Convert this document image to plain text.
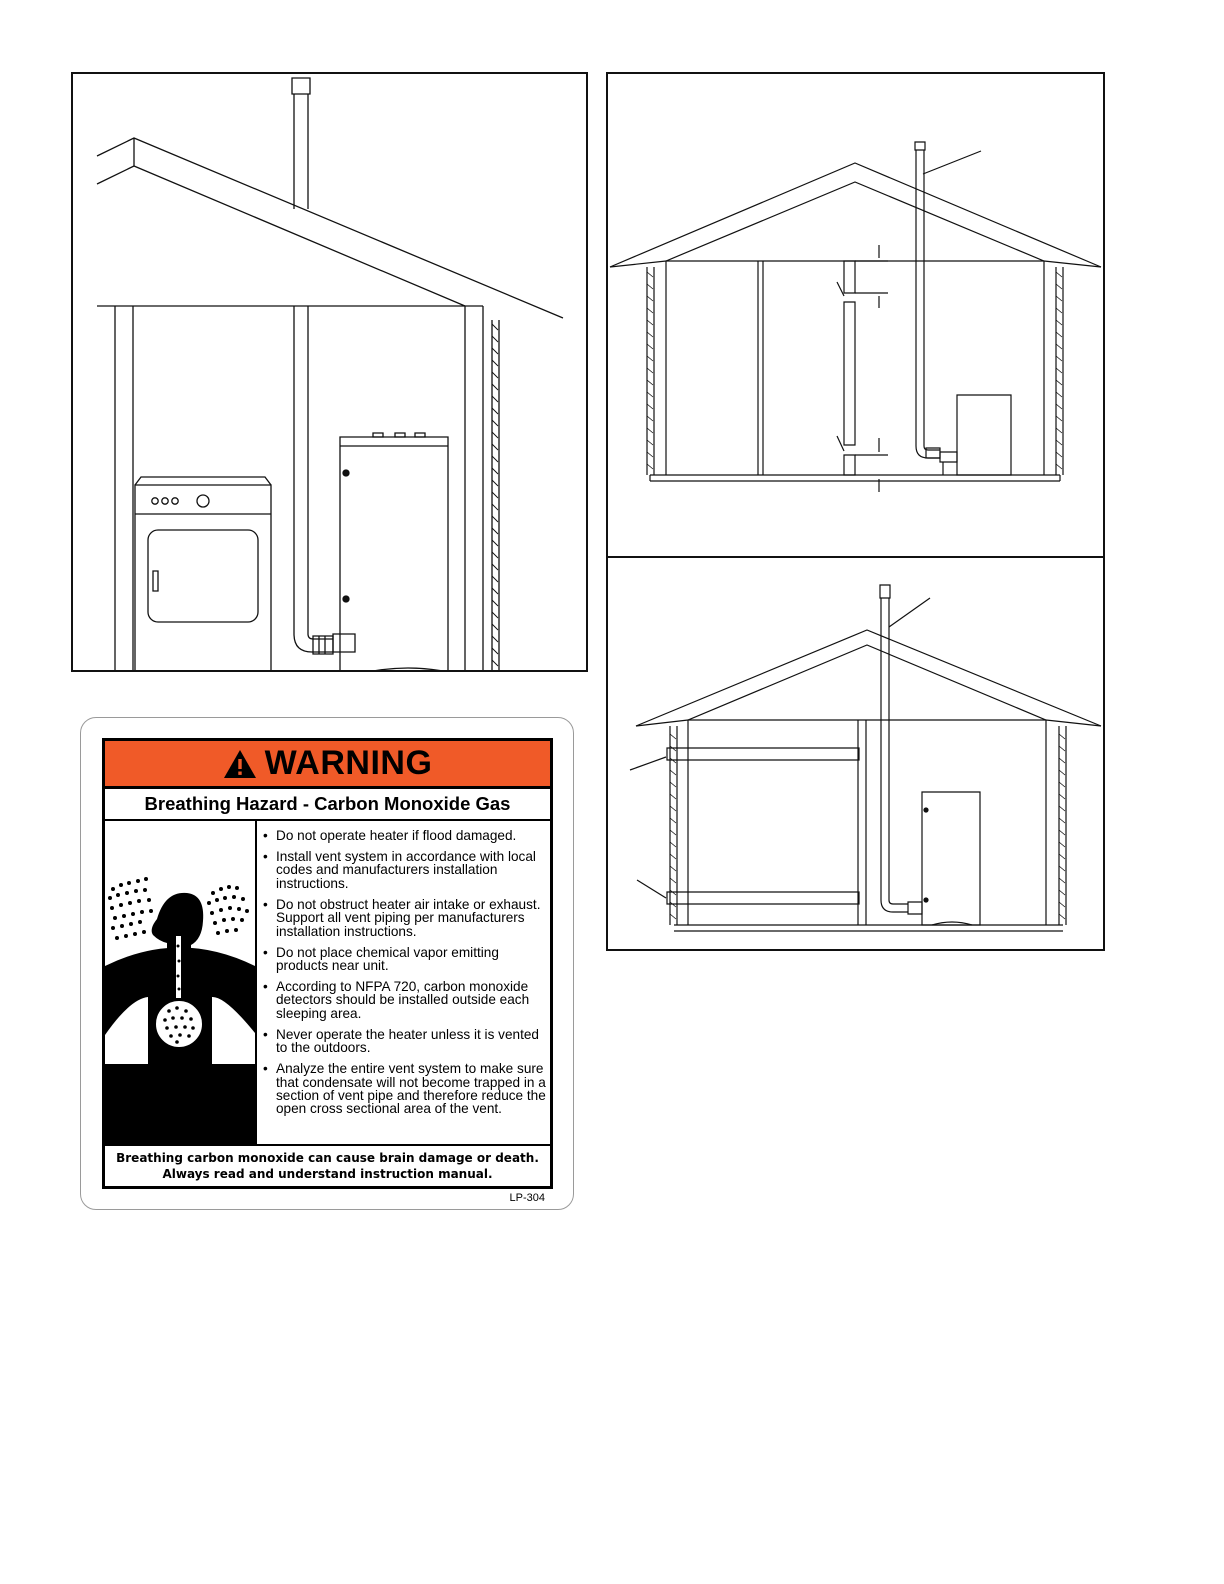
WARNING
Breathing Hazard - Carbon Monoxide Gas
• Do not operate heater if flood damaged.
• Install vent system in accordance with local codes and manufacturers installation instructions.
• Do not obstruct heater air intake or exhaust. Support all vent piping per manufacturers installation instructions.
• Do not place chemical vapor emitting products near unit.
• According to NFPA 720, carbon monoxide detectors should be installed outside each sleeping area.
• Never operate the heater unless it is vented to the outdoors.
• Analyze the entire vent system to make sure that condensate will not become trapped in a section of vent pipe and therefore reduce the open cross sectional area of the vent.
Breathing carbon monoxide can cause brain damage or death.
Always read and understand instruction manual.
LP-304
